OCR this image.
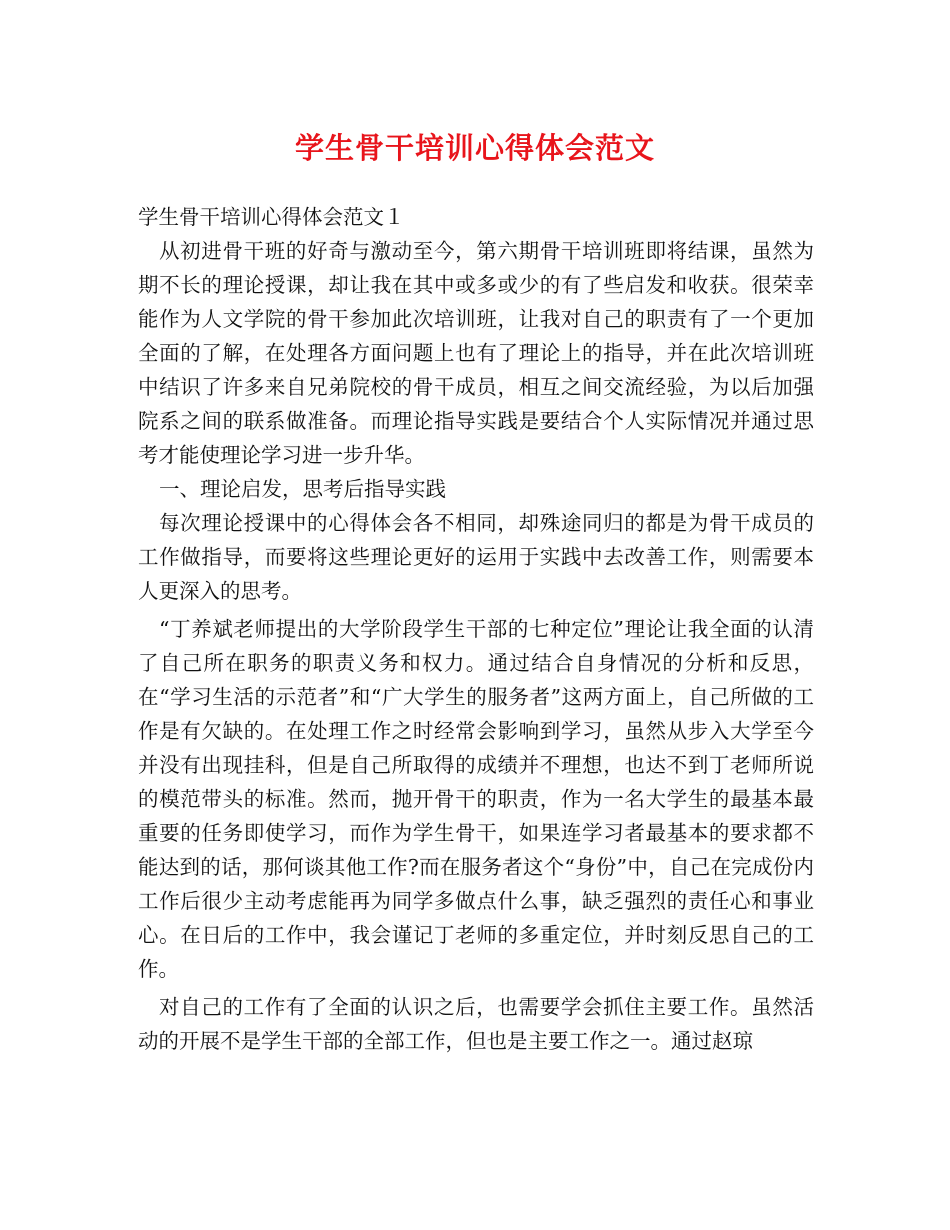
学生骨干培训心得体会范文

学生骨干培训心得体会范文１

从初进骨干班的好奇与激动至今，第六期骨干培训班即将结课，虽然为期不长的理论授课，却让我在其中或多或少的有了些启发和收获。很荣幸能作为人文学院的骨干参加此次培训班，让我对自己的职责有了一个更加全面的了解，在处理各方面问题上也有了理论上的指导，并在此次培训班中结识了许多来自兄弟院校的骨干成员，相互之间交流经验，为以后加强院系之间的联系做准备。而理论指导实践是要结合个人实际情况并通过思考才能使理论学习进一步升华。

一、理论启发，思考后指导实践

每次理论授课中的心得体会各不相同，却殊途同归的都是为骨干成员的工作做指导，而要将这些理论更好的运用于实践中去改善工作，则需要本人更深入的思考。

“丁养斌老师提出的大学阶段学生干部的七种定位”理论让我全面的认清了自己所在职务的职责义务和权力。通过结合自身情况的分析和反思，在“学习生活的示范者”和“广大学生的服务者”这两方面上，自己所做的工作是有欠缺的。在处理工作之时经常会影响到学习，虽然从步入大学至今并没有出现挂科，但是自己所取得的成绩并不理想，也达不到丁老师所说的模范带头的标准。然而，抛开骨干的职责，作为一名大学生的最基本最重要的任务即使学习，而作为学生骨干，如果连学习者最基本的要求都不能达到的话，那何谈其他工作?而在服务者这个“身份”中，自己在完成份内工作后很少主动考虑能再为同学多做点什么事，缺乏强烈的责任心和事业心。在日后的工作中，我会谨记丁老师的多重定位，并时刻反思自己的工作。

对自己的工作有了全面的认识之后，也需要学会抓住主要工作。虽然活动的开展不是学生干部的全部工作，但也是主要工作之一。通过赵琼
